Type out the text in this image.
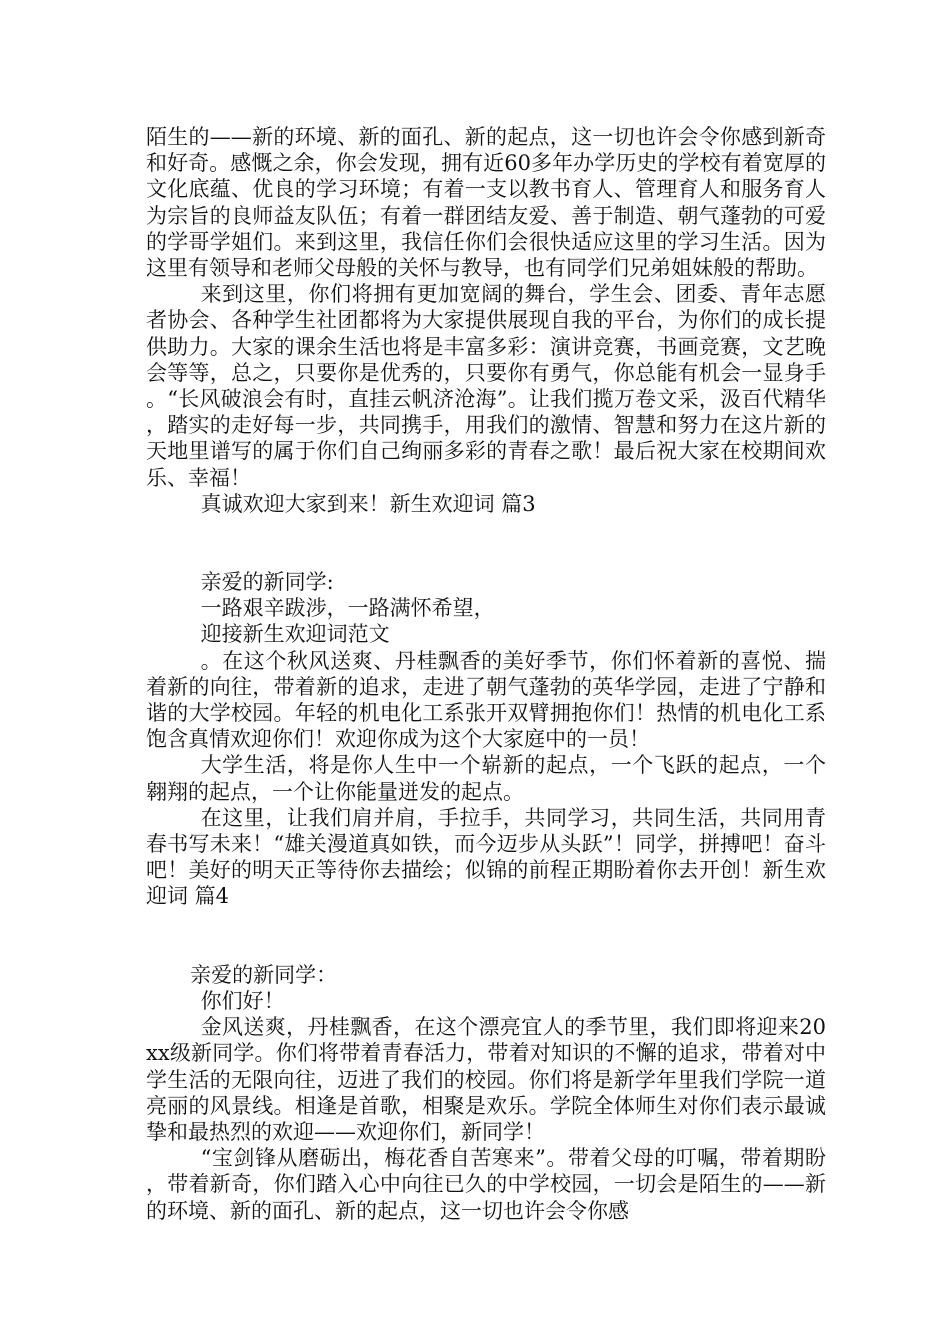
陌生的——新的环境、新的面孔、新的起点，这一切也许会令你感到新奇和好奇。感慨之余，你会发现，拥有近60多年办学历史的学校有着宽厚的文化底蕴、优良的学习环境；有着一支以教书育人、管理育人和服务育人为宗旨的良师益友队伍；有着一群团结友爱、善于制造、朝气蓬勃的可爱的学哥学姐们。来到这里，我信任你们会很快适应这里的学习生活。因为这里有领导和老师父母般的关怀与教导，也有同学们兄弟姐妹般的帮助。

来到这里，你们将拥有更加宽阔的舞台，学生会、团委、青年志愿者协会、各种学生社团都将为大家提供展现自我的平台，为你们的成长提供助力。大家的课余生活也将是丰富多彩：演讲竞赛，书画竞赛，文艺晚会等等，总之，只要你是优秀的，只要你有勇气，你总能有机会一显身手。“长风破浪会有时，直挂云帆济沧海”。让我们揽万卷文采，汲百代精华，踏实的走好每一步，共同携手，用我们的激情、智慧和努力在这片新的天地里谱写的属于你们自己绚丽多彩的青春之歌！最后祝大家在校期间欢乐、幸福！

真诚欢迎大家到来！新生欢迎词 篇3

亲爱的新同学:

一路艰辛跋涉，一路满怀希望，

迎接新生欢迎词范文

。在这个秋风送爽、丹桂飘香的美好季节，你们怀着新的喜悦、揣着新的向往，带着新的追求，走进了朝气蓬勃的英华学园，走进了宁静和谐的大学校园。年轻的机电化工系张开双臂拥抱你们！热情的机电化工系饱含真情欢迎你们！欢迎你成为这个大家庭中的一员！

大学生活，将是你人生中一个崭新的起点，一个飞跃的起点，一个翱翔的起点，一个让你能量迸发的起点。

在这里，让我们肩并肩，手拉手，共同学习，共同生活，共同用青春书写未来！“雄关漫道真如铁，而今迈步从头跃”！同学，拼搏吧！奋斗吧！美好的明天正等待你去描绘；似锦的前程正期盼着你去开创！新生欢迎词 篇4

亲爱的新同学：

你们好！

金风送爽，丹桂飘香，在这个漂亮宜人的季节里，我们即将迎来20xx级新同学。你们将带着青春活力，带着对知识的不懈的追求，带着对中学生活的无限向往，迈进了我们的校园。你们将是新学年里我们学院一道亮丽的风景线。相逢是首歌，相聚是欢乐。学院全体师生对你们表示最诚挚和最热烈的欢迎——欢迎你们，新同学！

“宝剑锋从磨砺出，梅花香自苦寒来”。带着父母的叮嘱，带着期盼，带着新奇，你们踏入心中向往已久的中学校园，一切会是陌生的——新的环境、新的面孔、新的起点，这一切也许会令你感
